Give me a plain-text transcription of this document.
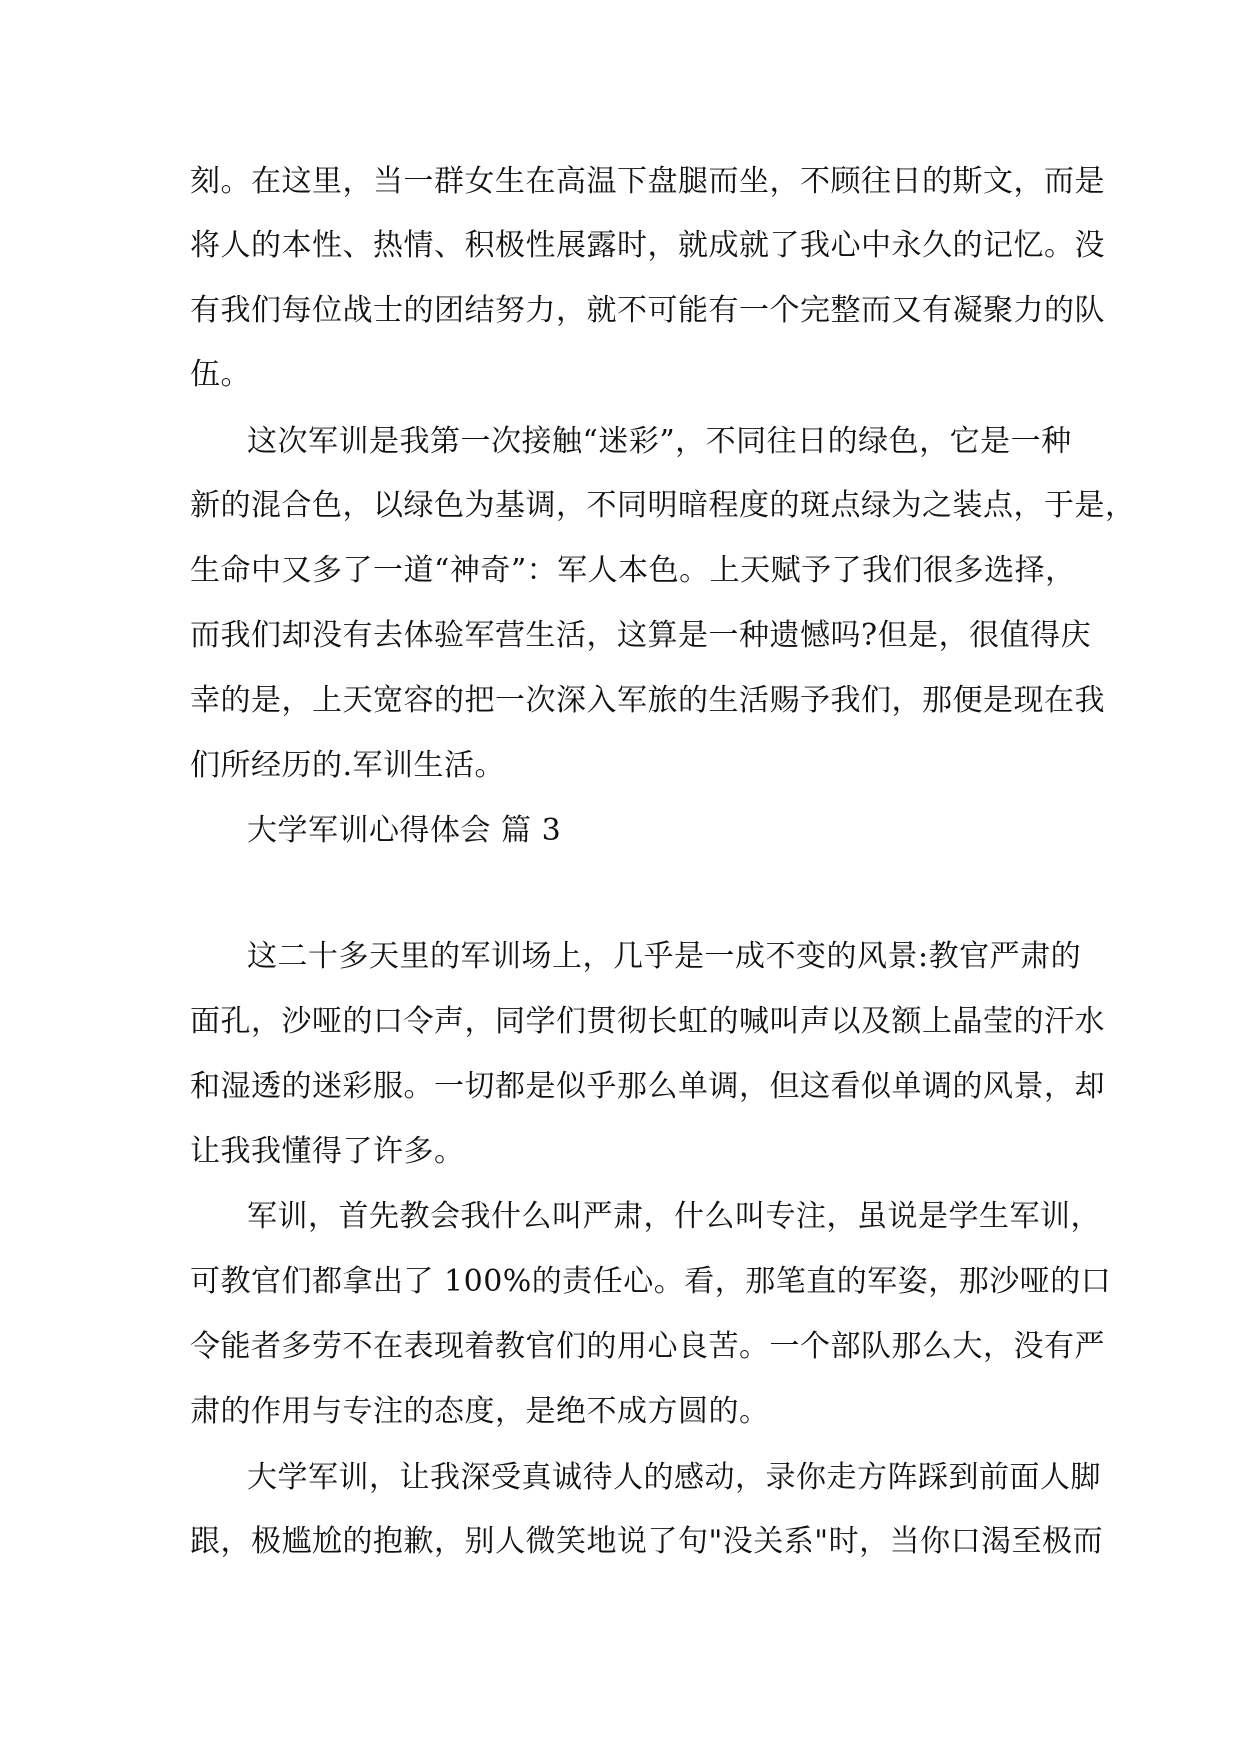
刻。在这里，当一群女生在高温下盘腿而坐，不顾往日的斯文，而是
将人的本性、热情、积极性展露时，就成就了我心中永久的记忆。没
有我们每位战士的团结努力，就不可能有一个完整而又有凝聚力的队
伍。
这次军训是我第一次接触“迷彩”，不同往日的绿色，它是一种
新的混合色，以绿色为基调，不同明暗程度的斑点绿为之装点，于是，
生命中又多了一道“神奇”：军人本色。上天赋予了我们很多选择，
而我们却没有去体验军营生活，这算是一种遗憾吗?但是，很值得庆
幸的是，上天宽容的把一次深入军旅的生活赐予我们，那便是现在我
们所经历的.军训生活。
大学军训心得体会 篇 3
这二十多天里的军训场上，几乎是一成不变的风景:教官严肃的
面孔，沙哑的口令声，同学们贯彻长虹的喊叫声以及额上晶莹的汗水
和湿透的迷彩服。一切都是似乎那么单调，但这看似单调的风景，却
让我我懂得了许多。
军训，首先教会我什么叫严肃，什么叫专注，虽说是学生军训，
可教官们都拿出了 100%的责任心。看，那笔直的军姿，那沙哑的口
令能者多劳不在表现着教官们的用心良苦。一个部队那么大，没有严
肃的作用与专注的态度，是绝不成方圆的。
大学军训，让我深受真诚待人的感动，录你走方阵踩到前面人脚
跟，极尴尬的抱歉，别人微笑地说了句"没关系"时，当你口渴至极而
